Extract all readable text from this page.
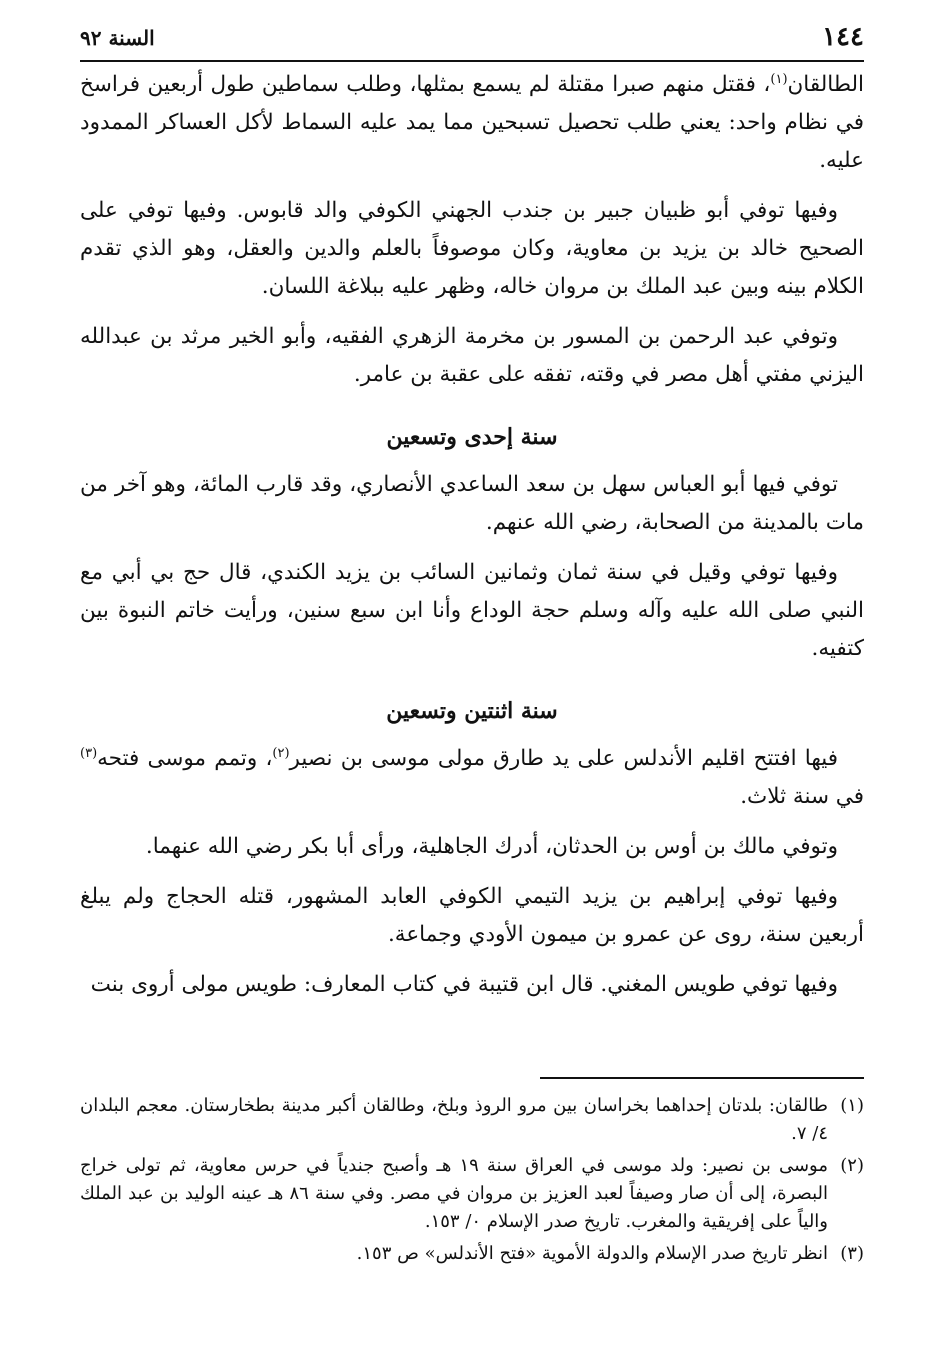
١٤٤
السنة ٩٢

الطالقان$^{(١)}$، فقتل منهم صبرا مقتلة لم يسمع بمثلها، وطلب سماطين طول أربعين فراسخ في نظام واحد: يعني طلب تحصيل تسبحين مما يمد عليه السماط لأكل العساكر الممدود عليه.

وفيها توفي أبو ظبيان جبير بن جندب الجهني الكوفي والد قابوس. وفيها توفي على الصحيح خالد بن يزيد بن معاوية، وكان موصوفاً بالعلم والدين والعقل، وهو الذي تقدم الكلام بينه وبين عبد الملك بن مروان خاله، وظهر عليه ببلاغة اللسان.

وتوفي عبد الرحمن بن المسور بن مخرمة الزهري الفقيه، وأبو الخير مرثد بن عبدالله اليزني مفتي أهل مصر في وقته، تفقه على عقبة بن عامر.

سنة إحدى وتسعين

توفي فيها أبو العباس سهل بن سعد الساعدي الأنصاري، وقد قارب المائة، وهو آخر من مات بالمدينة من الصحابة، رضي الله عنهم.

وفيها توفي وقيل في سنة ثمان وثمانين السائب بن يزيد الكندي، قال حج بي أبي مع النبي صلى الله عليه وآله وسلم حجة الوداع وأنا ابن سبع سنين، ورأيت خاتم النبوة بين كتفيه.

سنة اثنتين وتسعين

فيها افتتح اقليم الأندلس على يد طارق مولى موسى بن نصير$^{(٢)}$، وتمم موسى فتحه$^{(٣)}$ في سنة ثلاث.

وتوفي مالك بن أوس بن الحدثان، أدرك الجاهلية، ورأى أبا بكر رضي الله عنهما.

وفيها توفي إبراهيم بن يزيد التيمي الكوفي العابد المشهور، قتله الحجاج ولم يبلغ أربعين سنة، روى عن عمرو بن ميمون الأودي وجماعة.

وفيها توفي طويس المغني. قال ابن قتيبة في كتاب المعارف: طويس مولى أروى بنت

(١)
طالقان: بلدتان إحداهما بخراسان بين مرو الروذ وبلخ، وطالقان أكبر مدينة بطخارستان. معجم البلدان ٤/ ٧.
(٢)
موسى بن نصير: ولد موسى في العراق سنة ١٩ هـ وأصبح جندياً في حرس معاوية، ثم تولى خراج البصرة، إلى أن صار وصيفاً لعبد العزيز بن مروان في مصر. وفي سنة ٨٦ هـ عينه الوليد بن عبد الملك والياً على إفريقية والمغرب. تاريخ صدر الإسلام ٠/ ١٥٣.
(٣)
انظر تاريخ صدر الإسلام والدولة الأموية «فتح الأندلس» ص ١٥٣.
